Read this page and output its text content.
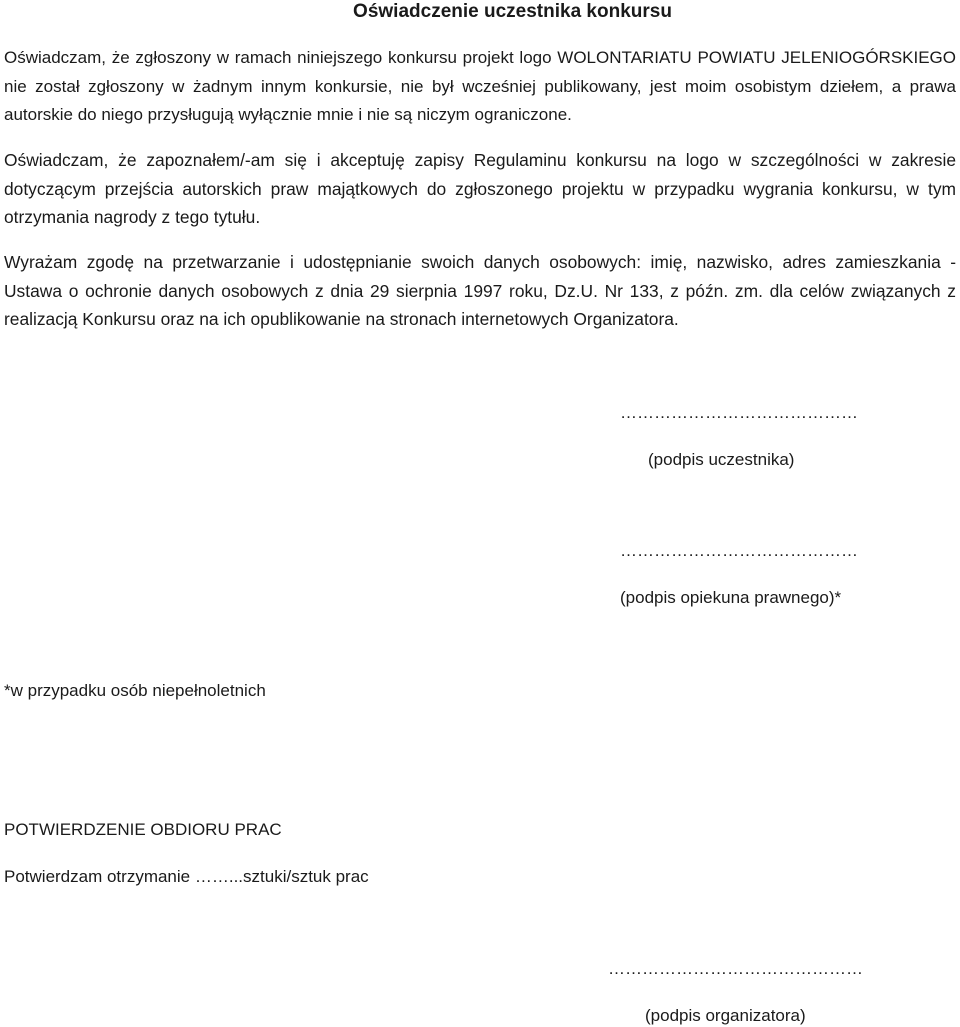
Oświadczenie uczestnika konkursu
Oświadczam, że zgłoszony w ramach niniejszego konkursu projekt logo WOLONTARIATU POWIATU JELENIOGÓRSKIEGO nie został zgłoszony w żadnym innym konkursie, nie był wcześniej publikowany, jest moim osobistym dziełem, a prawa autorskie do niego przysługują wyłącznie mnie i nie są niczym ograniczone.
Oświadczam, że zapoznałem/-am się i akceptuję zapisy Regulaminu konkursu na logo w szczególności w zakresie dotyczącym przejścia autorskich praw majątkowych do zgłoszonego projektu w przypadku wygrania konkursu, w tym otrzymania nagrody z tego tytułu.
Wyrażam zgodę na przetwarzanie i udostępnianie swoich danych osobowych: imię, nazwisko, adres zamieszkania - Ustawa o ochronie danych osobowych z dnia 29 sierpnia 1997 roku, Dz.U. Nr 133, z późn. zm. dla celów związanych z realizacją Konkursu oraz na ich opublikowanie na stronach internetowych Organizatora.
……………………………………
(podpis uczestnika)
……………………………………
(podpis opiekuna prawnego)*
*w przypadku osób niepełnoletnich
POTWIERDZENIE OBDIORU PRAC
Potwierdzam otrzymanie ……...sztuki/sztuk prac
………………………………………
(podpis organizatora)
